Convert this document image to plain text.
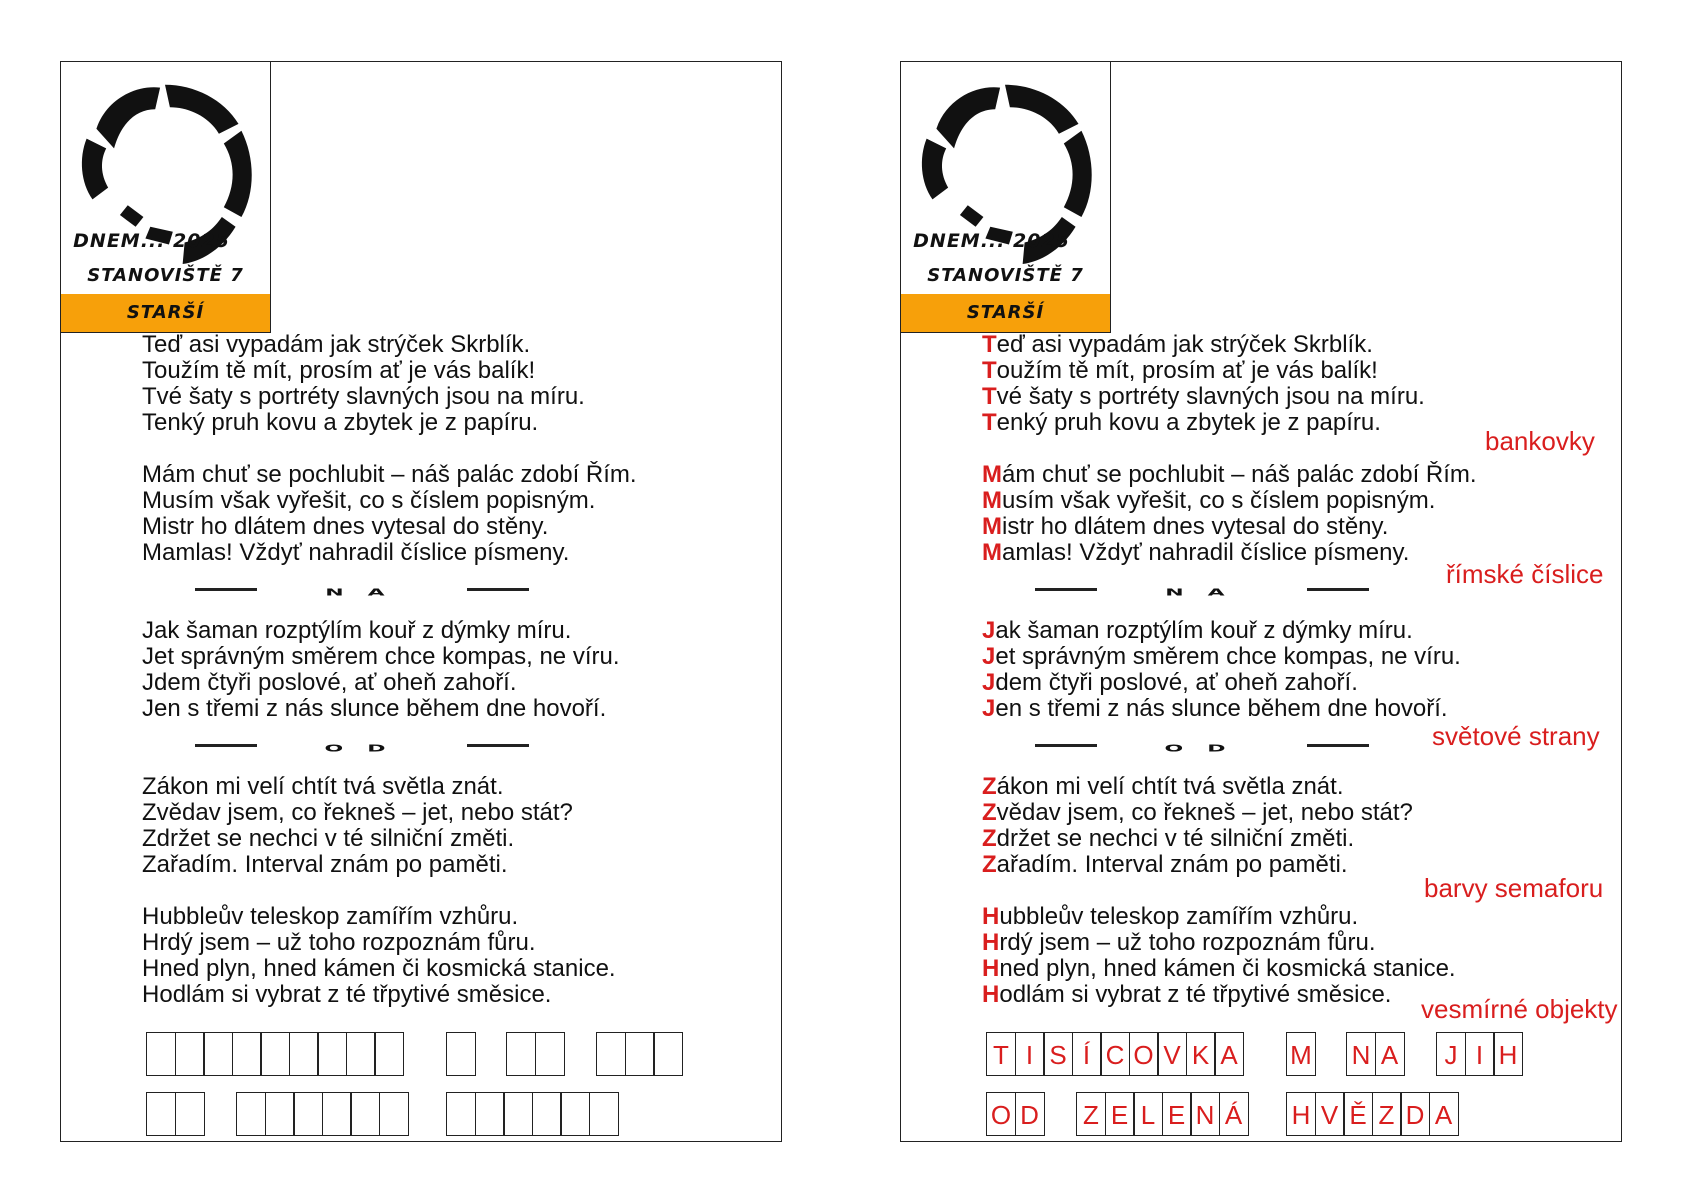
DNEM... 2025
STANOVIŠTĚ 7
STARŠÍ
Teď asi vypadám jak strýček Skrblík.
Toužím tě mít, prosím ať je vás balík!
Tvé šaty s portréty slavných jsou na míru.
Tenký pruh kovu a zbytek je z papíru.
Mám chuť se pochlubit – náš palác zdobí Řím.
Musím však vyřešit, co s číslem popisným.
Mistr ho dlátem dnes vytesal do stěny.
Mamlas! Vždyť nahradil číslice písmeny.
NA
Jak šaman rozptýlím kouř z dýmky míru.
Jet správným směrem chce kompas, ne víru.
Jdem čtyři poslové, ať oheň zahoří.
Jen s třemi z nás slunce během dne hovoří.
OD
Zákon mi velí chtít tvá světla znát.
Zvědav jsem, co řekneš – jet, nebo stát?
Zdržet se nechci v té silniční změti.
Zařadím. Interval znám po paměti.
Hubbleův teleskop zamířím vzhůru.
Hrdý jsem – už toho rozpoznám fůru.
Hned plyn, hned kámen či kosmická stanice.
Hodlám si vybrat z té třpytivé směsice.
DNEM... 2025
STANOVIŠTĚ 7
STARŠÍ
Teď asi vypadám jak strýček Skrblík.
Toužím tě mít, prosím ať je vás balík!
Tvé šaty s portréty slavných jsou na míru.
Tenký pruh kovu a zbytek je z papíru.
Mám chuť se pochlubit – náš palác zdobí Řím.
Musím však vyřešit, co s číslem popisným.
Mistr ho dlátem dnes vytesal do stěny.
Mamlas! Vždyť nahradil číslice písmeny.
NA
Jak šaman rozptýlím kouř z dýmky míru.
Jet správným směrem chce kompas, ne víru.
Jdem čtyři poslové, ať oheň zahoří.
Jen s třemi z nás slunce během dne hovoří.
OD
Zákon mi velí chtít tvá světla znát.
Zvědav jsem, co řekneš – jet, nebo stát?
Zdržet se nechci v té silniční změti.
Zařadím. Interval znám po paměti.
Hubbleův teleskop zamířím vzhůru.
Hrdý jsem – už toho rozpoznám fůru.
Hned plyn, hned kámen či kosmická stanice.
Hodlám si vybrat z té třpytivé směsice.
bankovky
římské číslice
světové strany
barvy semaforu
vesmírné objekty
T I S Í C O V K A M N A	J I H
O D Z E L E N Á H V Ě Z D A
